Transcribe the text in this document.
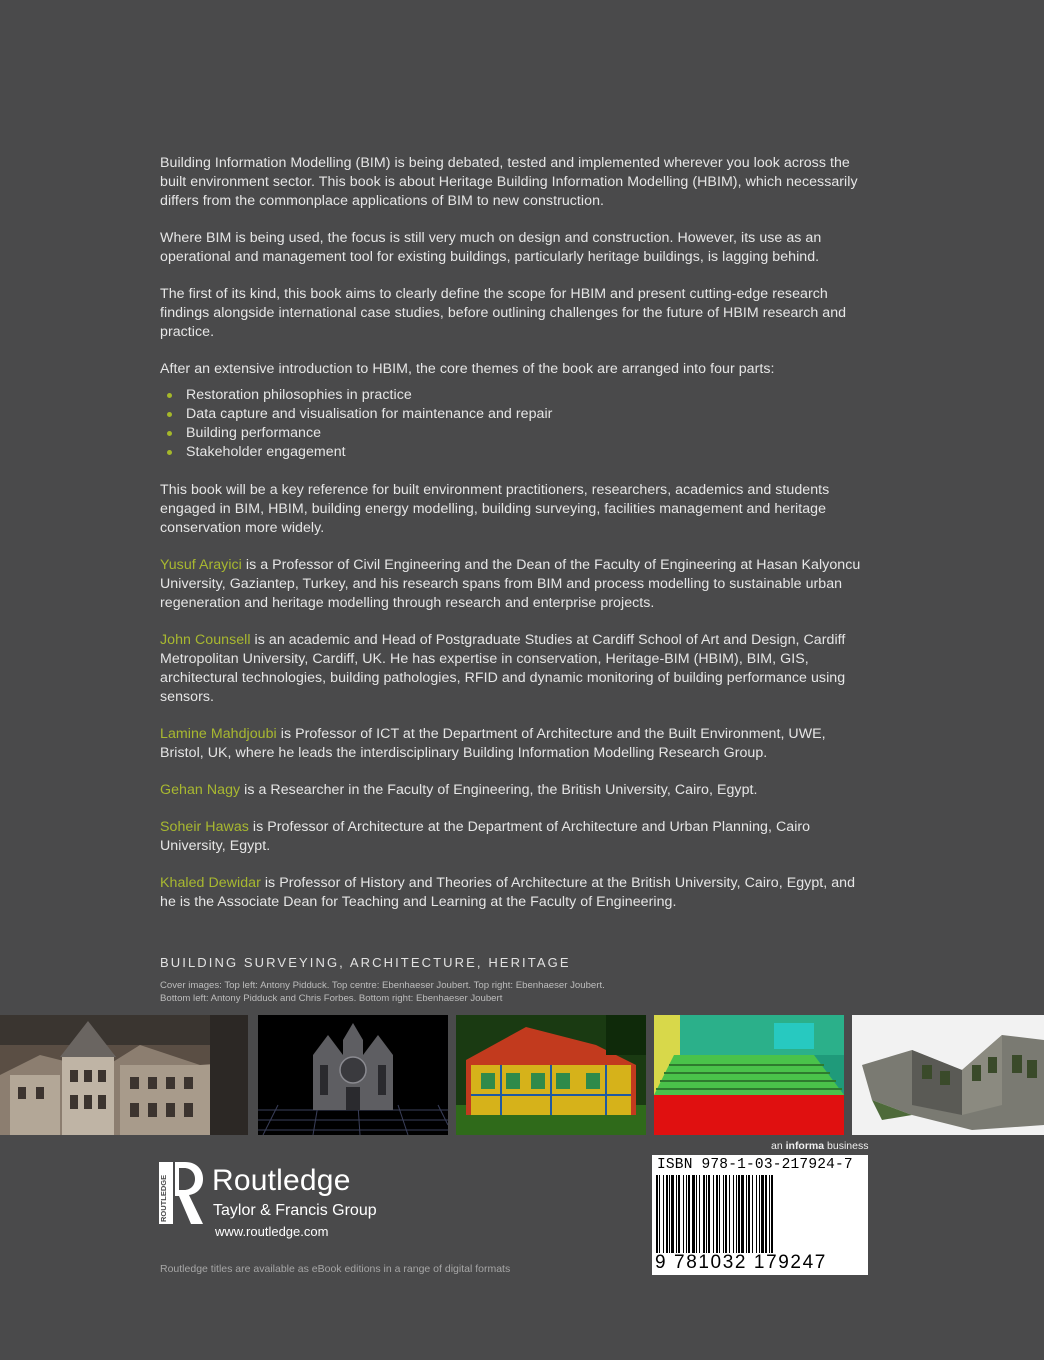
Building Information Modelling (BIM) is being debated, tested and implemented wherever you look across the built environment sector. This book is about Heritage Building Information Modelling (HBIM), which necessarily differs from the commonplace applications of BIM to new construction.

Where BIM is being used, the focus is still very much on design and construction. However, its use as an operational and management tool for existing buildings, particularly heritage buildings, is lagging behind.

The first of its kind, this book aims to clearly define the scope for HBIM and present cutting-edge research findings alongside international case studies, before outlining challenges for the future of HBIM research and practice.

After an extensive introduction to HBIM, the core themes of the book are arranged into four parts:

Restoration philosophies in practice
Data capture and visualisation for maintenance and repair
Building performance
Stakeholder engagement

This book will be a key reference for built environment practitioners, researchers, academics and students engaged in BIM, HBIM, building energy modelling, building surveying, facilities management and heritage conservation more widely.

Yusuf Arayici is a Professor of Civil Engineering and the Dean of the Faculty of Engineering at Hasan Kalyoncu University, Gaziantep, Turkey, and his research spans from BIM and process modelling to sustainable urban regeneration and heritage modelling through research and enterprise projects.

John Counsell is an academic and Head of Postgraduate Studies at Cardiff School of Art and Design, Cardiff Metropolitan University, Cardiff, UK. He has expertise in conservation, Heritage-BIM (HBIM), BIM, GIS, architectural technologies, building pathologies, RFID and dynamic monitoring of building performance using sensors.

Lamine Mahdjoubi is Professor of ICT at the Department of Architecture and the Built Environment, UWE, Bristol, UK, where he leads the interdisciplinary Building Information Modelling Research Group.

Gehan Nagy is a Researcher in the Faculty of Engineering, the British University, Cairo, Egypt.

Soheir Hawas is Professor of Architecture at the Department of Architecture and Urban Planning, Cairo University, Egypt.

Khaled Dewidar is Professor of History and Theories of Architecture at the British University, Cairo, Egypt, and he is the Associate Dean for Teaching and Learning at the Faculty of Engineering.

BUILDING SURVEYING, ARCHITECTURE, HERITAGE
Cover images: Top left: Antony Pidduck. Top centre: Ebenhaeser Joubert. Top right: Ebenhaeser Joubert.
Bottom left: Antony Pidduck and Chris Forbes. Bottom right: Ebenhaeser Joubert
an informa business
ROUTLEDGE Routledge
Taylor & Francis Group
www.routledge.com
Routledge titles are available as eBook editions in a range of digital formats
ISBN 978-1-03-217924-7
9 781032 179247
